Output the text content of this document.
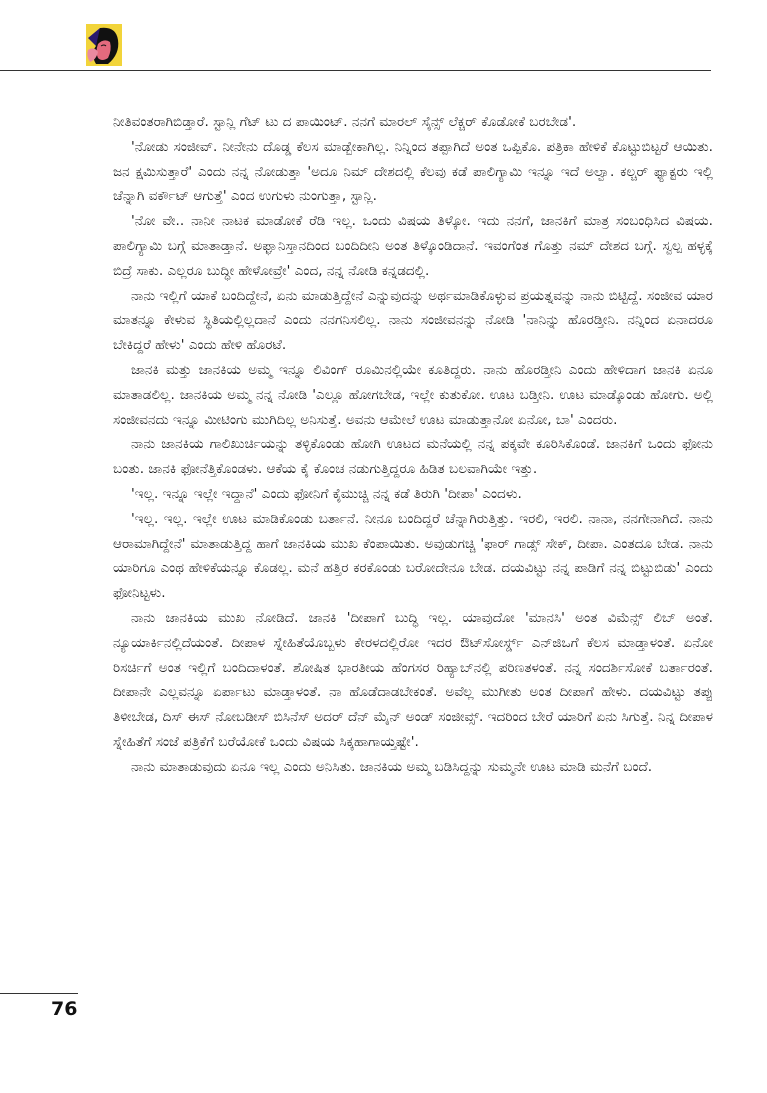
ನೀತಿವಂತರಾಗಿಬಿಡ್ತಾರೆ. ಸ್ಟಾನ್ಲಿ ಗೆಟ್ ಟು ದ ಪಾಯಿಂಟ್. ನನಗೆ ಮಾರಲ್ ಸೈನ್ಸ್ ಲೆಕ್ಚರ್ ಕೊಡೋಕೆ ಬರಬೇಡ'.

'ನೋಡು ಸಂಜೀವ್. ನೀನೇನು ದೊಡ್ಡ ಕೆಲಸ ಮಾಡ್ಬೇಕಾಗಿಲ್ಲ. ನಿನ್ನಿಂದ ತಪ್ಪಾಗಿದೆ ಅಂತ ಒಪ್ಪಿಕೊ. ಪತ್ರಿಕಾ ಹೇಳಿಕೆ ಕೊಟ್ಟುಬಿಟ್ಟರೆ ಆಯಿತು. ಜನ ಕ್ಷಮಿಸುತ್ತಾರೆ' ಎಂದು ನನ್ನ ನೋಡುತ್ತಾ 'ಅದೂ ನಿಮ್ ದೇಶದಲ್ಲಿ ಕೆಲವು ಕಡೆ ಪಾಲಿಗ್ಯಾಮಿ ಇನ್ನೂ ಇದೆ ಅಲ್ವಾ. ಕಲ್ಚರ್ ಫ್ಯಾಕ್ಟರು ಇಲ್ಲಿ ಚೆನ್ನಾಗಿ ವರ್ಕೌಟ್ ಆಗುತ್ತೆ' ಎಂದ ಉಗುಳು ನುಂಗುತ್ತಾ, ಸ್ಟಾನ್ಲಿ.

'ನೋ ವೇ.. ನಾನೀ ನಾಟಕ ಮಾಡೋಕೆ ರೆಡಿ ಇಲ್ಲ. ಒಂದು ವಿಷಯ ತಿಳ್ಕೋ. ಇದು ನನಗೆ, ಜಾನಕಿಗೆ ಮಾತ್ರ ಸಂಬಂಧಿಸಿದ ವಿಷಯ. ಪಾಲಿಗ್ಯಾಮಿ ಬಗ್ಗೆ ಮಾತಾಡ್ತಾನೆ. ಅಫ್ಘಾನಿಸ್ತಾನದಿಂದ ಬಂದಿದೀನಿ ಅಂತ ತಿಳ್ಕೊಂಡಿದಾನೆ. ಇವಂಗೆಂತ ಗೊತ್ತು ನಮ್ ದೇಶದ ಬಗ್ಗೆ. ಸ್ವಲ್ಪ ಹಳ್ಳಕ್ಕೆ ಬಿದ್ರೆ ಸಾಕು. ಎಲ್ಲರೂ ಬುದ್ಧೀ ಹೇಳೋವ್ರೇ' ಎಂದ, ನನ್ನ ನೋಡಿ ಕನ್ನಡದಲ್ಲಿ.

ನಾನು ಇಲ್ಲಿಗೆ ಯಾಕೆ ಬಂದಿದ್ದೇನೆ, ಏನು ಮಾಡುತ್ತಿದ್ದೇನೆ ಎನ್ನುವುದನ್ನು ಅರ್ಥಮಾಡಿಕೊಳ್ಳುವ ಪ್ರಯತ್ನವನ್ನು ನಾನು ಬಿಟ್ಟಿದ್ದೆ. ಸಂಜೀವ ಯಾರ ಮಾತನ್ನೂ ಕೇಳುವ ಸ್ಥಿತಿಯಲ್ಲಿಲ್ಲದಾನೆ ಎಂದು ನನಗನಿಸಲಿಲ್ಲ. ನಾನು ಸಂಜೀವನನ್ನು ನೋಡಿ 'ನಾನಿನ್ನು ಹೊರಡ್ತೀನಿ. ನನ್ನಿಂದ ಏನಾದರೂ ಬೇಕಿದ್ದರೆ ಹೇಳು' ಎಂದು ಹೇಳಿ ಹೊರಟೆ.

ಜಾನಕಿ ಮತ್ತು ಜಾನಕಿಯ ಅಮ್ಮ ಇನ್ನೂ ಲಿವಿಂಗ್ ರೂಮಿನಲ್ಲಿಯೇ ಕೂತಿದ್ದರು. ನಾನು ಹೊರಡ್ತೀನಿ ಎಂದು ಹೇಳಿದಾಗ ಜಾನಕಿ ಏನೂ ಮಾತಾಡಲಿಲ್ಲ. ಜಾನಕಿಯ ಅಮ್ಮ ನನ್ನ ನೋಡಿ 'ಎಲ್ಲೂ ಹೋಗಬೇಡ, ಇಲ್ಲೇ ಕುತುಕೋ. ಊಟ ಬಡ್ತೀನಿ. ಊಟ ಮಾಡ್ಕೊಂಡು ಹೋಗು. ಅಲ್ಲಿ ಸಂಜೀವನದು ಇನ್ನೂ ಮೀಟಿಂಗು ಮುಗಿದಿಲ್ಲ ಅನಿಸುತ್ತೆ. ಅವನು ಆಮೇಲೆ ಊಟ ಮಾಡುತ್ತಾನೋ ಏನೋ, ಬಾ' ಎಂದರು.

ನಾನು ಜಾನಕಿಯ ಗಾಲಿಖುರ್ಚಿಯನ್ನು ತಳ್ಳಿಕೊಂಡು ಹೋಗಿ ಊಟದ ಮನೆಯಲ್ಲಿ ನನ್ನ ಪಕ್ಕವೇ ಕೂರಿಸಿಕೊಂಡೆ. ಜಾನಕಿಗೆ ಒಂದು ಫೋನು ಬಂತು. ಜಾನಕಿ ಫೋನೆತ್ತಿಕೊಂಡಳು. ಆಕೆಯ ಕೈ ಕೊಂಚ ನಡುಗುತ್ತಿದ್ದರೂ ಹಿಡಿತ ಬಲವಾಗಿಯೇ ಇತ್ತು.

'ಇಲ್ಲ. ಇನ್ನೂ ಇಲ್ಲೇ ಇದ್ದಾನೆ' ಎಂದು ಫೋನಿಗೆ ಕೈಮುಚ್ಚಿ ನನ್ನ ಕಡೆ ತಿರುಗಿ 'ದೀಪಾ' ಎಂದಳು.

'ಇಲ್ಲ. ಇಲ್ಲ. ಇಲ್ಲೇ ಊಟ ಮಾಡಿಕೊಂಡು ಬರ್ತಾನೆ. ನೀನೂ ಬಂದಿದ್ದರೆ ಚೆನ್ನಾಗಿರುತ್ತಿತ್ತು. ಇರಲಿ, ಇರಲಿ. ನಾನಾ, ನನಗೇನಾಗಿದೆ. ನಾನು ಆರಾಮಾಗಿದ್ದೇನೆ' ಮಾತಾಡುತ್ತಿದ್ದ ಹಾಗೆ ಜಾನಕಿಯ ಮುಖ ಕೆಂಪಾಯಿತು. ಅವುಡುಗಚ್ಚಿ 'ಫಾರ್ ಗಾಡ್ಸ್ ಸೇಕ್, ದೀಪಾ. ಎಂತದೂ ಬೇಡ. ನಾನು ಯಾರಿಗೂ ಎಂಥ ಹೇಳಿಕೆಯನ್ನೂ ಕೊಡಲ್ಲ. ಮನೆ ಹತ್ತಿರ ಕರಕೊಂಡು ಬರೋದೇನೂ ಬೇಡ. ದಯವಿಟ್ಟು ನನ್ನ ಪಾಡಿಗೆ ನನ್ನ ಬಿಟ್ಟುಬಿಡು' ಎಂದು ಫೋನಿಟ್ಟಳು.

ನಾನು ಜಾನಕಿಯ ಮುಖ ನೋಡಿದೆ. ಜಾನಕಿ 'ದೀಪಾಗೆ ಬುದ್ಧಿ ಇಲ್ಲ. ಯಾವುದೋ 'ಮಾನಸಿ' ಅಂತ ವಿಮೆನ್ಸ್ ಲಿಬ್ ಅಂತೆ. ನ್ಯೂಯಾರ್ಕಿನಲ್ಲಿದೆಯಂತೆ. ದೀಪಾಳ ಸ್ನೇಹಿತೆಯೊಬ್ಬಳು ಕೇರಳದಲ್ಲಿರೋ ಇದರ ಔಟ್‌ಸೋರ್ಸ್ಡ್ ಎನ್‌ಜಿಒಗೆ ಕೆಲಸ ಮಾಡ್ತಾಳಂತೆ. ಏನೋ ರಿಸರ್ಚಿಗೆ ಅಂತ ಇಲ್ಲಿಗೆ ಬಂದಿದಾಳಂತೆ. ಶೋಷಿತ ಭಾರತೀಯ ಹೆಂಗಸರ ರಿಹ್ಯಾಬ್‌ನಲ್ಲಿ ಪರಿಣತಳಂತೆ. ನನ್ನ ಸಂದರ್ಶಿಸೋಕೆ ಬರ್ತಾರಂತೆ. ದೀಪಾನೇ ಎಲ್ಲವನ್ನೂ ಏರ್ಪಾಟು ಮಾಡ್ತಾಳಂತೆ. ನಾ ಹೊಡೆದಾಡಬೇಕಂತೆ. ಅವೆಲ್ಲ ಮುಗೀತು ಅಂತ ದೀಪಾಗೆ ಹೇಳು. ದಯವಿಟ್ಟು ತಪ್ಪು ತಿಳೀಬೇಡ, ದಿಸ್ ಈಸ್ ನೋಬಡೀಸ್ ಬಿಸಿನೆಸ್ ಅದರ್ ದೆನ್ ಮೈನ್ ಅಂಡ್ ಸಂಜೀವ್ಸ್. ಇದರಿಂದ ಬೇರೆ ಯಾರಿಗೆ ಏನು ಸಿಗುತ್ತೆ. ನಿನ್ನ ದೀಪಾಳ ಸ್ನೇಹಿತೆಗೆ ಸಂಜೆ ಪತ್ರಿಕೆಗೆ ಬರೆಯೋಕೆ ಒಂದು ವಿಷಯ ಸಿಕ್ಕಹಾಗಾಯ್ತಷ್ಟೇ'.

ನಾನು ಮಾತಾಡುವುದು ಏನೂ ಇಲ್ಲ ಎಂದು ಅನಿಸಿತು. ಜಾನಕಿಯ ಅಮ್ಮ ಬಡಿಸಿದ್ದನ್ನು ಸುಮ್ಮನೇ ಊಟ ಮಾಡಿ ಮನೆಗೆ ಬಂದೆ.

76
